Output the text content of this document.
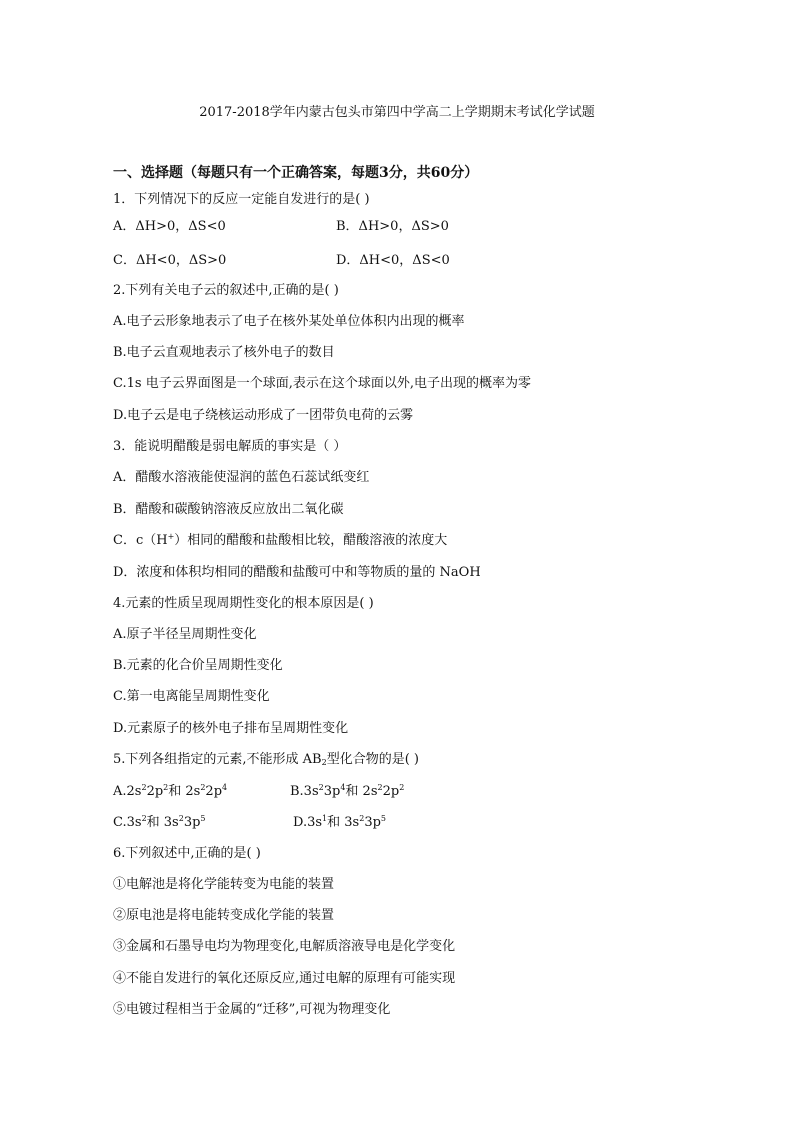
2017-2018学年内蒙古包头市第四中学高二上学期期末考试化学试题
一、选择题（每题只有一个正确答案，每题3分，共60分）
1．下列情况下的反应一定能自发进行的是( )
A．ΔH>0，ΔS<0	B．ΔH>0，ΔS>0
C．ΔH<0，ΔS>0	D．ΔH<0，ΔS<0
2.下列有关电子云的叙述中,正确的是( )
A.电子云形象地表示了电子在核外某处单位体积内出现的概率
B.电子云直观地表示了核外电子的数目
C.1s 电子云界面图是一个球面,表示在这个球面以外,电子出现的概率为零
D.电子云是电子绕核运动形成了一团带负电荷的云雾
3．能说明醋酸是弱电解质的事实是（ ）
A．醋酸水溶液能使湿润的蓝色石蕊试纸变红
B．醋酸和碳酸钠溶液反应放出二氧化碳
C．c（H+）相同的醋酸和盐酸相比较，醋酸溶液的浓度大
D．浓度和体积均相同的醋酸和盐酸可中和等物质的量的 NaOH
4.元素的性质呈现周期性变化的根本原因是( )
A.原子半径呈周期性变化
B.元素的化合价呈周期性变化
C.第一电离能呈周期性变化
D.元素原子的核外电子排布呈周期性变化
5.下列各组指定的元素,不能形成 $AB_2$型化合物的是( )
$A.2s^22p^2$和 $2s^22p^4$	$B.3s^23p^4$和 $2s^22p^2$
$C.3s^2$和 $3s^23p^5$	$D.3s^1$和 $3s^23p^5$
6.下列叙述中,正确的是( )
①电解池是将化学能转变为电能的装置
②原电池是将电能转变成化学能的装置
③金属和石墨导电均为物理变化,电解质溶液导电是化学变化
④不能自发进行的氧化还原反应,通过电解的原理有可能实现
⑤电镀过程相当于金属的“迁移”,可视为物理变化
